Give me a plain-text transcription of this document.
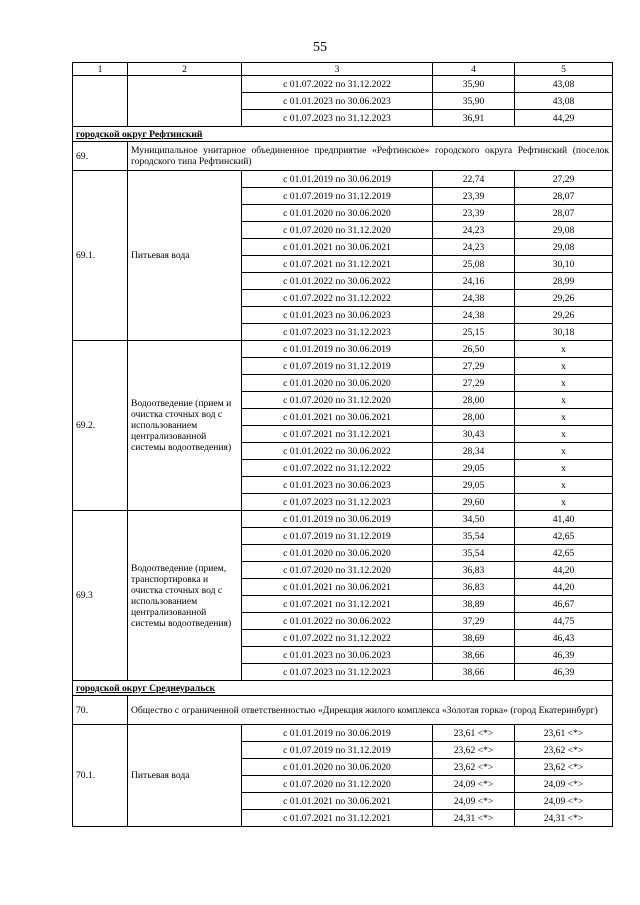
55
1	2	3	4	5
		с 01.07.2022 по 31.12.2022	35,90	43,08
		с 01.01.2023 по 30.06.2023	35,90	43,08
		с 01.07.2023 по 31.12.2023	36,91	44,29
городской округ Рефтинский				
69.	Муниципальное унитарное объединенное предприятие «Рефтинское» городского округа Рефтинский (поселок городского типа Рефтинский)			
69.1.	Питьевая вода	с 01.01.2019 по 30.06.2019	22,74	27,29
		с 01.07.2019 по 31.12.2019	23,39	28,07
		с 01.01.2020 по 30.06.2020	23,39	28,07
		с 01.07.2020 по 31.12.2020	24,23	29,08
		с 01.01.2021 по 30.06.2021	24,23	29,08
		с 01.07.2021 по 31.12.2021	25,08	30,10
		с 01.01.2022 по 30.06.2022	24,16	28,99
		с 01.07.2022 по 31.12.2022	24,38	29,26
		с 01.01.2023 по 30.06.2023	24,38	29,26
		с 01.07.2023 по 31.12.2023	25,15	30,18
69.2.	Водоотведение (прием и очистка сточных вод с использованием централизованной системы водоотведения)	с 01.01.2019 по 30.06.2019	26,50	х
		с 01.07.2019 по 31.12.2019	27,29	х
		с 01.01.2020 по 30.06.2020	27,29	х
		с 01.07.2020 по 31.12.2020	28,00	х
		с 01.01.2021 по 30.06.2021	28,00	х
		с 01.07.2021 по 31.12.2021	30,43	х
		с 01.01.2022 по 30.06.2022	28,34	х
		с 01.07.2022 по 31.12.2022	29,05	х
		с 01.01.2023 по 30.06.2023	29,05	х
		с 01.07.2023 по 31.12.2023	29,60	х
69.3	Водоотведение (прием, транспортировка и очистка сточных вод с использованием централизованной системы водоотведения)	с 01.01.2019 по 30.06.2019	34,50	41,40
		с 01.07.2019 по 31.12.2019	35,54	42,65
		с 01.01.2020 по 30.06.2020	35,54	42,65
		с 01.07.2020 по 31.12.2020	36,83	44,20
		с 01.01.2021 по 30.06.2021	36,83	44,20
		с 01.07.2021 по 31.12.2021	38,89	46,67
		с 01.01.2022 по 30.06.2022	37,29	44,75
		с 01.07.2022 по 31.12.2022	38,69	46,43
		с 01.01.2023 по 30.06.2023	38,66	46,39
		с 01.07.2023 по 31.12.2023	38,66	46,39
городской округ Среднеуральск				
70.	Общество с ограниченной ответственностью «Дирекция жилого комплекса «Золотая горка» (город Екатеринбург)			
70.1.	Питьевая вода	с 01.01.2019 по 30.06.2019	23,61 <*>	23,61 <*>
		с 01.07.2019 по 31.12.2019	23,62 <*>	23,62 <*>
		с 01.01.2020 по 30.06.2020	23,62 <*>	23,62 <*>
		с 01.07.2020 по 31.12.2020	24,09 <*>	24,09 <*>
		с 01.01.2021 по 30.06.2021	24,09 <*>	24,09 <*>
		с 01.07.2021 по 31.12.2021	24,31 <*>	24,31 <*>
